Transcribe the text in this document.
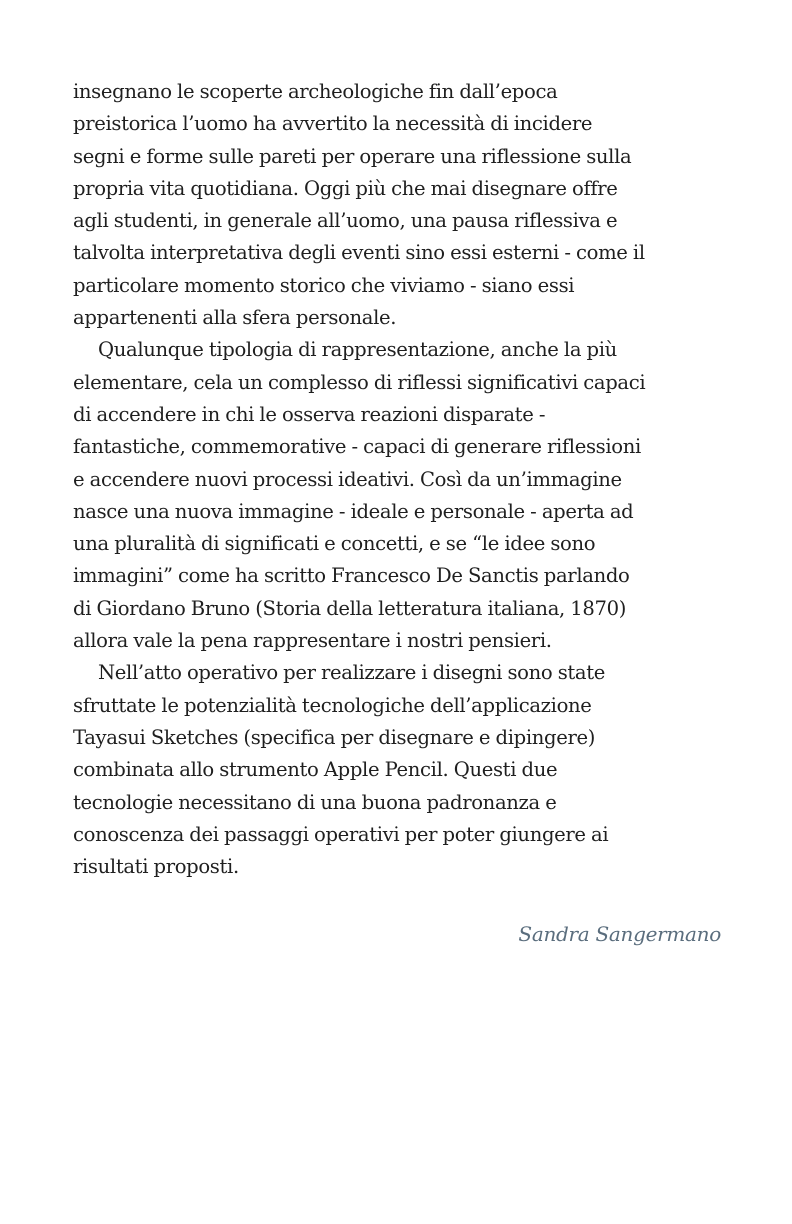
insegnano le scoperte archeologiche fin dall’epoca
preistorica l’uomo ha avvertito la necessità di incidere
segni e forme sulle pareti per operare una riflessione sulla
propria vita quotidiana. Oggi più che mai disegnare offre
agli studenti, in generale all’uomo, una pausa riflessiva e
talvolta interpretativa degli eventi sino essi esterni - come il
particolare momento storico che viviamo - siano essi
appartenenti alla sfera personale.
Qualunque tipologia di rappresentazione, anche la più
elementare, cela un complesso di riflessi significativi capaci
di accendere in chi le osserva reazioni disparate -
fantastiche, commemorative - capaci di generare riflessioni
e accendere nuovi processi ideativi. Così da un’immagine
nasce una nuova immagine - ideale e personale - aperta ad
una pluralità di significati e concetti, e se “le idee sono
immagini” come ha scritto Francesco De Sanctis parlando
di Giordano Bruno (Storia della letteratura italiana, 1870)
allora vale la pena rappresentare i nostri pensieri.
Nell’atto operativo per realizzare i disegni sono state
sfruttate le potenzialità tecnologiche dell’applicazione
Tayasui Sketches (specifica per disegnare e dipingere)
combinata allo strumento Apple Pencil. Questi due
tecnologie necessitano di una buona padronanza e
conoscenza dei passaggi operativi per poter giungere ai
risultati proposti.
Sandra Sangermano
